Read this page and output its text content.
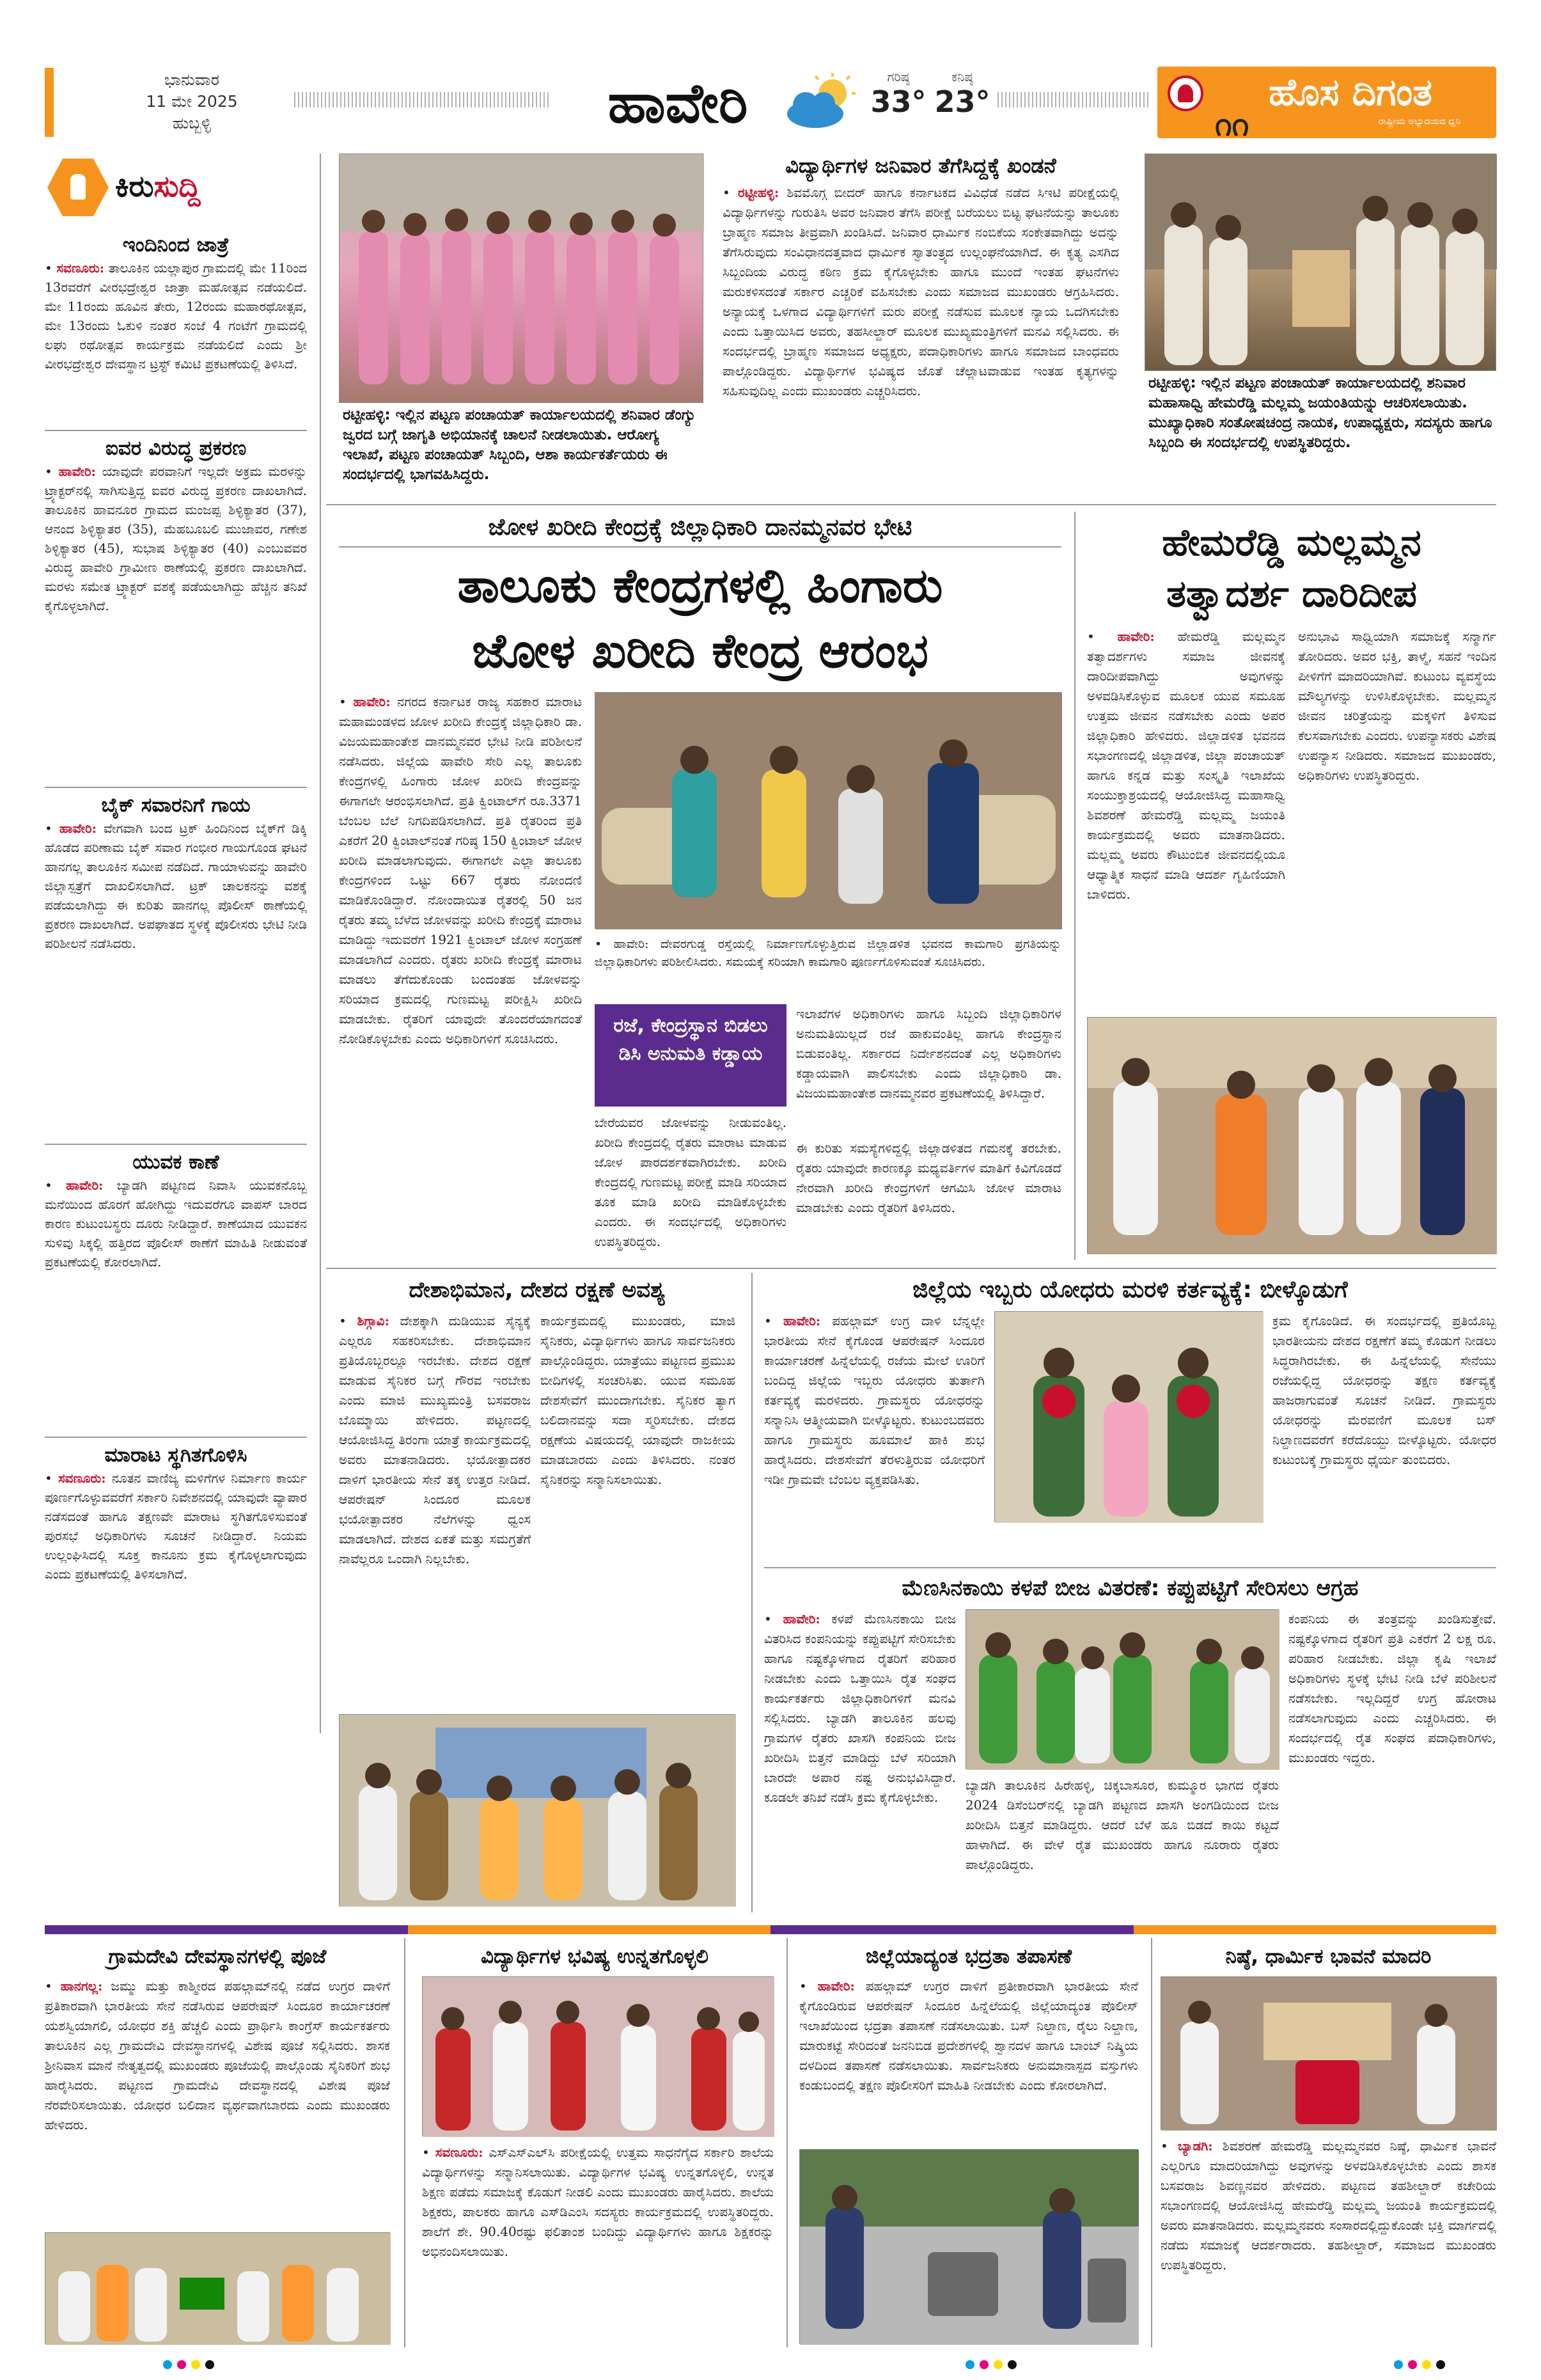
ಭಾನುವಾರ
11 ಮೇ 2025
ಹುಬ್ಬಳ್ಳಿ	ಹಾವೇರಿ	ಗರಿಷ್ಠ
33°
ಕನಿಷ್ಠ
23°	ಹೊಸ ದಿಗಂತ
ರಾಷ್ಟ್ರೀಯ ಅಭ್ಯುದಯದ ಧ್ವನಿ
౧౧
ಕಿರುಸುದ್ದಿ
ಇಂದಿನಿಂದ ಜಾತ್ರೆ
• ಸವಣೂರು: ತಾಲೂಕಿನ ಯಲ್ಲಾಪುರ ಗ್ರಾಮದಲ್ಲಿ ಮೇ 11ರಿಂದ 13ರವರೆಗೆ ವೀರಭದ್ರೇಶ್ವರ ಜಾತ್ರಾ ಮಹೋತ್ಸವ ನಡೆಯಲಿದೆ. ಮೇ 11ರಂದು ಹೂವಿನ ತೇರು, 12ರಂದು ಮಹಾರಥೋತ್ಸವ, ಮೇ 13ರಂದು ಓಕುಳಿ ನಂತರ ಸಂಜೆ 4 ಗಂಟೆಗೆ ಗ್ರಾಮದಲ್ಲಿ ಲಘು ರಥೋತ್ಸವ ಕಾರ್ಯಕ್ರಮ ನಡೆಯಲಿದೆ ಎಂದು ಶ್ರೀ ವೀರಭದ್ರೇಶ್ವರ ದೇವಸ್ಥಾನ ಟ್ರಸ್ಟ್ ಕಮಿಟಿ ಪ್ರಕಟಣೆಯಲ್ಲಿ ತಿಳಿಸಿದೆ.
ಐವರ ವಿರುದ್ಧ ಪ್ರಕರಣ
• ಹಾವೇರಿ: ಯಾವುದೇ ಪರವಾನಿಗೆ ಇಲ್ಲದೇ ಅಕ್ರಮ ಮರಳನ್ನು ಟ್ರ್ಯಾಕ್ಟರ್‌ನಲ್ಲಿ ಸಾಗಿಸುತ್ತಿದ್ದ ಐವರ ವಿರುದ್ಧ ಪ್ರಕರಣ ದಾಖಲಾಗಿದೆ. ತಾಲೂಕಿನ ಹಾವನೂರ ಗ್ರಾಮದ ಮಂಜಪ್ಪ ಶಿಳ್ಳಿಕ್ಯಾತರ (37), ಆನಂದ ಶಿಳ್ಳಿಕ್ಯಾತರ (35), ಮೆಹಬೂಬಲಿ ಮುಜಾವರ, ಗಣೇಶ ಶಿಳ್ಳಿಕ್ಯಾತರ (45), ಸುಭಾಷ ಶಿಳ್ಳಿಕ್ಯಾತರ (40) ಎಂಬುವವರ ವಿರುದ್ಧ ಹಾವೇರಿ ಗ್ರಾಮೀಣ ಠಾಣೆಯಲ್ಲಿ ಪ್ರಕರಣ ದಾಖಲಾಗಿದೆ. ಮರಳು ಸಮೇತ ಟ್ರ್ಯಾಕ್ಟರ್ ವಶಕ್ಕೆ ಪಡೆಯಲಾಗಿದ್ದು ಹೆಚ್ಚಿನ ತನಿಖೆ ಕೈಗೊಳ್ಳಲಾಗಿದೆ.
ಬೈಕ್ ಸವಾರನಿಗೆ ಗಾಯ
• ಹಾವೇರಿ: ವೇಗವಾಗಿ ಬಂದ ಟ್ರಕ್ ಹಿಂದಿನಿಂದ ಬೈಕ್‌ಗೆ ಡಿಕ್ಕಿ ಹೊಡೆದ ಪರಿಣಾಮ ಬೈಕ್ ಸವಾರ ಗಂಭೀರ ಗಾಯಗೊಂಡ ಘಟನೆ ಹಾನಗಲ್ಲ ತಾಲೂಕಿನ ಸಮೀಪ ನಡೆದಿದೆ. ಗಾಯಾಳುವನ್ನು ಹಾವೇರಿ ಜಿಲ್ಲಾಸ್ಪತ್ರೆಗೆ ದಾಖಲಿಸಲಾಗಿದೆ. ಟ್ರಕ್ ಚಾಲಕನನ್ನು ವಶಕ್ಕೆ ಪಡೆಯಲಾಗಿದ್ದು ಈ ಕುರಿತು ಹಾನಗಲ್ಲ ಪೊಲೀಸ್ ಠಾಣೆಯಲ್ಲಿ ಪ್ರಕರಣ ದಾಖಲಾಗಿದೆ. ಅಪಘಾತದ ಸ್ಥಳಕ್ಕೆ ಪೊಲೀಸರು ಭೇಟಿ ನೀಡಿ ಪರಿಶೀಲನೆ ನಡೆಸಿದರು.
ಯುವಕ ಕಾಣೆ
• ಹಾವೇರಿ: ಬ್ಯಾಡಗಿ ಪಟ್ಟಣದ ನಿವಾಸಿ ಯುವಕನೊಬ್ಬ ಮನೆಯಿಂದ ಹೊರಗೆ ಹೋಗಿದ್ದು ಇದುವರೆಗೂ ವಾಪಸ್ ಬಾರದ ಕಾರಣ ಕುಟುಂಬಸ್ಥರು ದೂರು ನೀಡಿದ್ದಾರೆ. ಕಾಣೆಯಾದ ಯುವಕನ ಸುಳಿವು ಸಿಕ್ಕಲ್ಲಿ ಹತ್ತಿರದ ಪೊಲೀಸ್ ಠಾಣೆಗೆ ಮಾಹಿತಿ ನೀಡುವಂತೆ ಪ್ರಕಟಣೆಯಲ್ಲಿ ಕೋರಲಾಗಿದೆ.
ಮಾರಾಟ ಸ್ಥಗಿತಗೊಳಿಸಿ
• ಸವಣೂರು: ನೂತನ ವಾಣಿಜ್ಯ ಮಳಿಗೆಗಳ ನಿರ್ಮಾಣ ಕಾರ್ಯ ಪೂರ್ಣಗೊಳ್ಳುವವರೆಗೆ ಸರ್ಕಾರಿ ನಿವೇಶನದಲ್ಲಿ ಯಾವುದೇ ವ್ಯಾಪಾರ ನಡೆಸದಂತೆ ಹಾಗೂ ತಕ್ಷಣವೇ ಮಾರಾಟ ಸ್ಥಗಿತಗೊಳಿಸುವಂತೆ ಪುರಸಭೆ ಅಧಿಕಾರಿಗಳು ಸೂಚನೆ ನೀಡಿದ್ದಾರೆ. ನಿಯಮ ಉಲ್ಲಂಘಿಸಿದಲ್ಲಿ ಸೂಕ್ತ ಕಾನೂನು ಕ್ರಮ ಕೈಗೊಳ್ಳಲಾಗುವುದು ಎಂದು ಪ್ರಕಟಣೆಯಲ್ಲಿ ತಿಳಿಸಲಾಗಿದೆ.
ರಟ್ಟೀಹಳ್ಳಿ: ಇಲ್ಲಿನ ಪಟ್ಟಣ ಪಂಚಾಯತ್ ಕಾರ್ಯಾಲಯದಲ್ಲಿ ಶನಿವಾರ ಡೆಂಗ್ಯು ಜ್ವರದ ಬಗ್ಗೆ ಜಾಗೃತಿ ಅಭಿಯಾನಕ್ಕೆ ಚಾಲನೆ ನೀಡಲಾಯಿತು. ಆರೋಗ್ಯ ಇಲಾಖೆ, ಪಟ್ಟಣ ಪಂಚಾಯತ್ ಸಿಬ್ಬಂದಿ, ಆಶಾ ಕಾರ್ಯಕರ್ತೆಯರು ಈ ಸಂದರ್ಭದಲ್ಲಿ ಭಾಗವಹಿಸಿದ್ದರು.
ವಿದ್ಯಾರ್ಥಿಗಳ ಜನಿವಾರ ತೆಗೆಸಿದ್ದಕ್ಕೆ ಖಂಡನೆ
• ರಟ್ಟೀಹಳ್ಳಿ: ಶಿವಮೊಗ್ಗ ಬೀದರ್ ಹಾಗೂ ಕರ್ನಾಟಕದ ವಿವಿಧೆಡೆ ನಡೆದ ಸಿಇಟಿ ಪರೀಕ್ಷೆಯಲ್ಲಿ ವಿದ್ಯಾರ್ಥಿಗಳನ್ನು ಗುರುತಿಸಿ ಅವರ ಜನಿವಾರ ತೆಗೆಸಿ ಪರೀಕ್ಷೆ ಬರೆಯಲು ಬಿಟ್ಟ ಘಟನೆಯನ್ನು ತಾಲೂಕು ಬ್ರಾಹ್ಮಣ ಸಮಾಜ ತೀವ್ರವಾಗಿ ಖಂಡಿಸಿದೆ. ಜನಿವಾರ ಧಾರ್ಮಿಕ ನಂಬಿಕೆಯ ಸಂಕೇತವಾಗಿದ್ದು ಅದನ್ನು ತೆಗೆಸಿರುವುದು ಸಂವಿಧಾನದತ್ತವಾದ ಧಾರ್ಮಿಕ ಸ್ವಾತಂತ್ರ್ಯದ ಉಲ್ಲಂಘನೆಯಾಗಿದೆ. ಈ ಕೃತ್ಯ ಎಸಗಿದ ಸಿಬ್ಬಂದಿಯ ವಿರುದ್ಧ ಕಠಿಣ ಕ್ರಮ ಕೈಗೊಳ್ಳಬೇಕು ಹಾಗೂ ಮುಂದೆ ಇಂತಹ ಘಟನೆಗಳು ಮರುಕಳಿಸದಂತೆ ಸರ್ಕಾರ ಎಚ್ಚರಿಕೆ ವಹಿಸಬೇಕು ಎಂದು ಸಮಾಜದ ಮುಖಂಡರು ಆಗ್ರಹಿಸಿದರು. ಅನ್ಯಾಯಕ್ಕೆ ಒಳಗಾದ ವಿದ್ಯಾರ್ಥಿಗಳಿಗೆ ಮರು ಪರೀಕ್ಷೆ ನಡೆಸುವ ಮೂಲಕ ನ್ಯಾಯ ಒದಗಿಸಬೇಕು ಎಂದು ಒತ್ತಾಯಿಸಿದ ಅವರು, ತಹಸೀಲ್ದಾರ್ ಮೂಲಕ ಮುಖ್ಯಮಂತ್ರಿಗಳಿಗೆ ಮನವಿ ಸಲ್ಲಿಸಿದರು. ಈ ಸಂದರ್ಭದಲ್ಲಿ ಬ್ರಾಹ್ಮಣ ಸಮಾಜದ ಅಧ್ಯಕ್ಷರು, ಪದಾಧಿಕಾರಿಗಳು ಹಾಗೂ ಸಮಾಜದ ಬಾಂಧವರು ಪಾಲ್ಗೊಂಡಿದ್ದರು. ವಿದ್ಯಾರ್ಥಿಗಳ ಭವಿಷ್ಯದ ಜೊತೆ ಚೆಲ್ಲಾಟವಾಡುವ ಇಂತಹ ಕೃತ್ಯಗಳನ್ನು ಸಹಿಸುವುದಿಲ್ಲ ಎಂದು ಮುಖಂಡರು ಎಚ್ಚರಿಸಿದರು.	ರಟ್ಟೀಹಳ್ಳಿ: ಇಲ್ಲಿನ ಪಟ್ಟಣ ಪಂಚಾಯತ್ ಕಾರ್ಯಾಲಯದಲ್ಲಿ ಶನಿವಾರ ಮಹಾಸಾಧ್ವಿ ಹೇಮರೆಡ್ಡಿ ಮಲ್ಲಮ್ಮ ಜಯಂತಿಯನ್ನು ಆಚರಿಸಲಾಯಿತು. ಮುಖ್ಯಾಧಿಕಾರಿ ಸಂತೋಷಚಂದ್ರ ನಾಯಕ, ಉಪಾಧ್ಯಕ್ಷರು, ಸದಸ್ಯರು ಹಾಗೂ ಸಿಬ್ಬಂದಿ ಈ ಸಂದರ್ಭದಲ್ಲಿ ಉಪಸ್ಥಿತರಿದ್ದರು.
ಜೋಳ ಖರೀದಿ ಕೇಂದ್ರಕ್ಕೆ ಜಿಲ್ಲಾಧಿಕಾರಿ ದಾನಮ್ಮನವರ ಭೇಟಿ
ತಾಲೂಕು ಕೇಂದ್ರಗಳಲ್ಲಿ ಹಿಂಗಾರು
ಜೋಳ ಖರೀದಿ ಕೇಂದ್ರ ಆರಂಭ
• ಹಾವೇರಿ: ನಗರದ ಕರ್ನಾಟಕ ರಾಜ್ಯ ಸಹಕಾರ ಮಾರಾಟ ಮಹಾಮಂಡಳದ ಜೋಳ ಖರೀದಿ ಕೇಂದ್ರಕ್ಕೆ ಜಿಲ್ಲಾಧಿಕಾರಿ ಡಾ. ವಿಜಯಮಹಾಂತೇಶ ದಾನಮ್ಮನವರ ಭೇಟಿ ನೀಡಿ ಪರಿಶೀಲನೆ ನಡೆಸಿದರು. ಜಿಲ್ಲೆಯ ಹಾವೇರಿ ಸೇರಿ ಎಲ್ಲ ತಾಲೂಕು ಕೇಂದ್ರಗಳಲ್ಲಿ ಹಿಂಗಾರು ಜೋಳ ಖರೀದಿ ಕೇಂದ್ರವನ್ನು ಈಗಾಗಲೇ ಆರಂಭಿಸಲಾಗಿದೆ. ಪ್ರತಿ ಕ್ವಿಂಟಾಲ್‌ಗೆ ರೂ.3371 ಬೆಂಬಲ ಬೆಲೆ ನಿಗದಿಪಡಿಸಲಾಗಿದೆ. ಪ್ರತಿ ರೈತರಿಂದ ಪ್ರತಿ ಎಕರೆಗೆ 20 ಕ್ವಿಂಟಾಲ್‌ನಂತೆ ಗರಿಷ್ಠ 150 ಕ್ವಿಂಟಾಲ್ ಜೋಳ ಖರೀದಿ ಮಾಡಲಾಗುವುದು. ಈಗಾಗಲೇ ಎಲ್ಲಾ ತಾಲೂಕು ಕೇಂದ್ರಗಳಿಂದ ಒಟ್ಟು 667 ರೈತರು ನೋಂದಣಿ ಮಾಡಿಕೊಂಡಿದ್ದಾರೆ. ನೋಂದಾಯಿತ ರೈತರಲ್ಲಿ 50 ಜನ ರೈತರು ತಮ್ಮ ಬೆಳೆದ ಜೋಳವನ್ನು ಖರೀದಿ ಕೇಂದ್ರಕ್ಕೆ ಮಾರಾಟ ಮಾಡಿದ್ದು ಇದುವರೆಗೆ 1921 ಕ್ವಿಂಟಾಲ್ ಜೋಳ ಸಂಗ್ರಹಣೆ ಮಾಡಲಾಗಿದೆ ಎಂದರು. ರೈತರು ಖರೀದಿ ಕೇಂದ್ರಕ್ಕೆ ಮಾರಾಟ ಮಾಡಲು ತೆಗೆದುಕೊಂಡು ಬಂದಂತಹ ಜೋಳವನ್ನು ಸರಿಯಾದ ಕ್ರಮದಲ್ಲಿ ಗುಣಮಟ್ಟ ಪರೀಕ್ಷಿಸಿ ಖರೀದಿ ಮಾಡಬೇಕು. ರೈತರಿಗೆ ಯಾವುದೇ ತೊಂದರೆಯಾಗದಂತೆ ನೋಡಿಕೊಳ್ಳಬೇಕು ಎಂದು ಅಧಿಕಾರಿಗಳಿಗೆ ಸೂಚಿಸಿದರು.
• ಹಾವೇರಿ: ದೇವರಗುಡ್ಡ ರಸ್ತೆಯಲ್ಲಿ ನಿರ್ಮಾಣಗೊಳ್ಳುತ್ತಿರುವ ಜಿಲ್ಲಾಡಳಿತ ಭವನದ ಕಾಮಗಾರಿ ಪ್ರಗತಿಯನ್ನು ಜಿಲ್ಲಾಧಿಕಾರಿಗಳು ಪರಿಶೀಲಿಸಿದರು. ಸಮಯಕ್ಕೆ ಸರಿಯಾಗಿ ಕಾಮಗಾರಿ ಪೂರ್ಣಗೊಳಿಸುವಂತೆ ಸೂಚಿಸಿದರು.
ರಜೆ, ಕೇಂದ್ರಸ್ಥಾನ ಬಿಡಲು ಡಿಸಿ ಅನುಮತಿ ಕಡ್ಡಾಯ
ಇಲಾಖೆಗಳ ಅಧಿಕಾರಿಗಳು ಹಾಗೂ ಸಿಬ್ಬಂದಿ ಜಿಲ್ಲಾಧಿಕಾರಿಗಳ ಅನುಮತಿಯಿಲ್ಲದೆ ರಜೆ ಹಾಕುವಂತಿಲ್ಲ ಹಾಗೂ ಕೇಂದ್ರಸ್ಥಾನ ಬಿಡುವಂತಿಲ್ಲ. ಸರ್ಕಾರದ ನಿರ್ದೇಶನದಂತೆ ಎಲ್ಲ ಅಧಿಕಾರಿಗಳು ಕಡ್ಡಾಯವಾಗಿ ಪಾಲಿಸಬೇಕು ಎಂದು ಜಿಲ್ಲಾಧಿಕಾರಿ ಡಾ. ವಿಜಯಮಹಾಂತೇಶ ದಾನಮ್ಮನವರ ಪ್ರಕಟಣೆಯಲ್ಲಿ ತಿಳಿಸಿದ್ದಾರೆ.
ಬೇರೆಯವರ ಜೋಳವನ್ನು ನೀಡುವಂತಿಲ್ಲ. ಖರೀದಿ ಕೇಂದ್ರದಲ್ಲಿ ರೈತರು ಮಾರಾಟ ಮಾಡುವ ಜೋಳ ಪಾರದರ್ಶಕವಾಗಿರಬೇಕು. ಖರೀದಿ ಕೇಂದ್ರದಲ್ಲಿ ಗುಣಮಟ್ಟ ಪರೀಕ್ಷೆ ಮಾಡಿ ಸರಿಯಾದ ತೂಕ ಮಾಡಿ ಖರೀದಿ ಮಾಡಿಕೊಳ್ಳಬೇಕು ಎಂದರು. ಈ ಸಂದರ್ಭದಲ್ಲಿ ಅಧಿಕಾರಿಗಳು ಉಪಸ್ಥಿತರಿದ್ದರು.
ಈ ಕುರಿತು ಸಮಸ್ಯೆಗಳಿದ್ದಲ್ಲಿ ಜಿಲ್ಲಾಡಳಿತದ ಗಮನಕ್ಕೆ ತರಬೇಕು. ರೈತರು ಯಾವುದೇ ಕಾರಣಕ್ಕೂ ಮಧ್ಯವರ್ತಿಗಳ ಮಾತಿಗೆ ಕಿವಿಗೊಡದೆ ನೇರವಾಗಿ ಖರೀದಿ ಕೇಂದ್ರಗಳಿಗೆ ಆಗಮಿಸಿ ಜೋಳ ಮಾರಾಟ ಮಾಡಬೇಕು ಎಂದು ರೈತರಿಗೆ ತಿಳಿಸಿದರು.
ಹೇಮರೆಡ್ಡಿ ಮಲ್ಲಮ್ಮನ
ತತ್ವಾದರ್ಶ ದಾರಿದೀಪ
• ಹಾವೇರಿ: ಹೇಮರೆಡ್ಡಿ ಮಲ್ಲಮ್ಮನ ತತ್ವಾದರ್ಶಗಳು ಸಮಾಜ ಜೀವನಕ್ಕೆ ದಾರಿದೀಪವಾಗಿದ್ದು ಅವುಗಳನ್ನು ಅಳವಡಿಸಿಕೊಳ್ಳುವ ಮೂಲಕ ಯುವ ಸಮೂಹ ಉತ್ತಮ ಜೀವನ ನಡೆಸಬೇಕು ಎಂದು ಅಪರ ಜಿಲ್ಲಾಧಿಕಾರಿ ಹೇಳಿದರು. ಜಿಲ್ಲಾಡಳಿತ ಭವನದ ಸಭಾಂಗಣದಲ್ಲಿ ಜಿಲ್ಲಾಡಳಿತ, ಜಿಲ್ಲಾ ಪಂಚಾಯತ್ ಹಾಗೂ ಕನ್ನಡ ಮತ್ತು ಸಂಸ್ಕೃತಿ ಇಲಾಖೆಯ ಸಂಯುಕ್ತಾಶ್ರಯದಲ್ಲಿ ಆಯೋಜಿಸಿದ್ದ ಮಹಾಸಾಧ್ವಿ ಶಿವಶರಣೆ ಹೇಮರೆಡ್ಡಿ ಮಲ್ಲಮ್ಮ ಜಯಂತಿ ಕಾರ್ಯಕ್ರಮದಲ್ಲಿ ಅವರು ಮಾತನಾಡಿದರು. ಮಲ್ಲಮ್ಮ ಅವರು ಕೌಟುಂಬಿಕ ಜೀವನದಲ್ಲಿಯೂ ಆಧ್ಯಾತ್ಮಿಕ ಸಾಧನೆ ಮಾಡಿ ಆದರ್ಶ ಗೃಹಿಣಿಯಾಗಿ ಬಾಳಿದರು.
ಅನುಭಾವಿ ಸಾಧ್ವಿಯಾಗಿ ಸಮಾಜಕ್ಕೆ ಸನ್ಮಾರ್ಗ ತೋರಿದರು. ಅವರ ಭಕ್ತಿ, ತಾಳ್ಮೆ, ಸಹನೆ ಇಂದಿನ ಪೀಳಿಗೆಗೆ ಮಾದರಿಯಾಗಿವೆ. ಕುಟುಂಬ ವ್ಯವಸ್ಥೆಯ ಮೌಲ್ಯಗಳನ್ನು ಉಳಿಸಿಕೊಳ್ಳಬೇಕು. ಮಲ್ಲಮ್ಮನ ಜೀವನ ಚರಿತ್ರೆಯನ್ನು ಮಕ್ಕಳಿಗೆ ತಿಳಿಸುವ ಕೆಲಸವಾಗಬೇಕು ಎಂದರು. ಉಪನ್ಯಾಸಕರು ವಿಶೇಷ ಉಪನ್ಯಾಸ ನೀಡಿದರು. ಸಮಾಜದ ಮುಖಂಡರು, ಅಧಿಕಾರಿಗಳು ಉಪಸ್ಥಿತರಿದ್ದರು.
ದೇಶಾಭಿಮಾನ, ದೇಶದ ರಕ್ಷಣೆ ಅವಶ್ಯ
• ಶಿಗ್ಗಾವಿ: ದೇಶಕ್ಕಾಗಿ ದುಡಿಯುವ ಸೈನ್ಯಕ್ಕೆ ಎಲ್ಲರೂ ಸಹಕರಿಸಬೇಕು. ದೇಶಾಭಿಮಾನ ಪ್ರತಿಯೊಬ್ಬರಲ್ಲೂ ಇರಬೇಕು. ದೇಶದ ರಕ್ಷಣೆ ಮಾಡುವ ಸೈನಿಕರ ಬಗ್ಗೆ ಗೌರವ ಇರಬೇಕು ಎಂದು ಮಾಜಿ ಮುಖ್ಯಮಂತ್ರಿ ಬಸವರಾಜ ಬೊಮ್ಮಾಯಿ ಹೇಳಿದರು. ಪಟ್ಟಣದಲ್ಲಿ ಆಯೋಜಿಸಿದ್ದ ತಿರಂಗಾ ಯಾತ್ರೆ ಕಾರ್ಯಕ್ರಮದಲ್ಲಿ ಅವರು ಮಾತನಾಡಿದರು. ಭಯೋತ್ಪಾದಕರ ದಾಳಿಗೆ ಭಾರತೀಯ ಸೇನೆ ತಕ್ಕ ಉತ್ತರ ನೀಡಿದೆ. ಆಪರೇಷನ್ ಸಿಂದೂರ ಮೂಲಕ ಭಯೋತ್ಪಾದಕರ ನೆಲೆಗಳನ್ನು ಧ್ವಂಸ ಮಾಡಲಾಗಿದೆ. ದೇಶದ ಏಕತೆ ಮತ್ತು ಸಮಗ್ರತೆಗೆ ನಾವೆಲ್ಲರೂ ಒಂದಾಗಿ ನಿಲ್ಲಬೇಕು.
ಕಾರ್ಯಕ್ರಮದಲ್ಲಿ ಮುಖಂಡರು, ಮಾಜಿ ಸೈನಿಕರು, ವಿದ್ಯಾರ್ಥಿಗಳು ಹಾಗೂ ಸಾರ್ವಜನಿಕರು ಪಾಲ್ಗೊಂಡಿದ್ದರು. ಯಾತ್ರೆಯು ಪಟ್ಟಣದ ಪ್ರಮುಖ ಬೀದಿಗಳಲ್ಲಿ ಸಂಚರಿಸಿತು. ಯುವ ಸಮೂಹ ದೇಶಸೇವೆಗೆ ಮುಂದಾಗಬೇಕು. ಸೈನಿಕರ ತ್ಯಾಗ ಬಲಿದಾನವನ್ನು ಸದಾ ಸ್ಮರಿಸಬೇಕು. ದೇಶದ ರಕ್ಷಣೆಯ ವಿಷಯದಲ್ಲಿ ಯಾವುದೇ ರಾಜಕೀಯ ಮಾಡಬಾರದು ಎಂದು ತಿಳಿಸಿದರು. ನಂತರ ಸೈನಿಕರನ್ನು ಸನ್ಮಾನಿಸಲಾಯಿತು.
ಜಿಲ್ಲೆಯ ಇಬ್ಬರು ಯೋಧರು ಮರಳಿ ಕರ್ತವ್ಯಕ್ಕೆ: ಬೀಳ್ಕೊಡುಗೆ
• ಹಾವೇರಿ: ಪಹಲ್ಗಾಮ್ ಉಗ್ರ ದಾಳಿ ಬೆನ್ನಲ್ಲೇ ಭಾರತೀಯ ಸೇನೆ ಕೈಗೊಂಡ ಆಪರೇಷನ್ ಸಿಂದೂರ ಕಾರ್ಯಾಚರಣೆ ಹಿನ್ನೆಲೆಯಲ್ಲಿ ರಜೆಯ ಮೇಲೆ ಊರಿಗೆ ಬಂದಿದ್ದ ಜಿಲ್ಲೆಯ ಇಬ್ಬರು ಯೋಧರು ತುರ್ತಾಗಿ ಕರ್ತವ್ಯಕ್ಕೆ ಮರಳಿದರು. ಗ್ರಾಮಸ್ಥರು ಯೋಧರನ್ನು ಸನ್ಮಾನಿಸಿ ಆತ್ಮೀಯವಾಗಿ ಬೀಳ್ಕೊಟ್ಟರು. ಕುಟುಂಬದವರು ಹಾಗೂ ಗ್ರಾಮಸ್ಥರು ಹೂಮಾಲೆ ಹಾಕಿ ಶುಭ ಹಾರೈಸಿದರು. ದೇಶಸೇವೆಗೆ ತೆರಳುತ್ತಿರುವ ಯೋಧರಿಗೆ ಇಡೀ ಗ್ರಾಮವೇ ಬೆಂಬಲ ವ್ಯಕ್ತಪಡಿಸಿತು.
ಕ್ರಮ ಕೈಗೊಂಡಿದೆ. ಈ ಸಂದರ್ಭದಲ್ಲಿ ಪ್ರತಿಯೊಬ್ಬ ಭಾರತೀಯನು ದೇಶದ ರಕ್ಷಣೆಗೆ ತಮ್ಮ ಕೊಡುಗೆ ನೀಡಲು ಸಿದ್ಧರಾಗಿರಬೇಕು. ಈ ಹಿನ್ನೆಲೆಯಲ್ಲಿ ಸೇನೆಯು ರಜೆಯಲ್ಲಿದ್ದ ಯೋಧರನ್ನು ತಕ್ಷಣ ಕರ್ತವ್ಯಕ್ಕೆ ಹಾಜರಾಗುವಂತೆ ಸೂಚನೆ ನೀಡಿದೆ. ಗ್ರಾಮಸ್ಥರು ಯೋಧರನ್ನು ಮೆರವಣಿಗೆ ಮೂಲಕ ಬಸ್ ನಿಲ್ದಾಣದವರೆಗೆ ಕರೆದೊಯ್ದು ಬೀಳ್ಕೊಟ್ಟರು. ಯೋಧರ ಕುಟುಂಬಕ್ಕೆ ಗ್ರಾಮಸ್ಥರು ಧೈರ್ಯ ತುಂಬಿದರು.
ಮೆಣಸಿನಕಾಯಿ ಕಳಪೆ ಬೀಜ ವಿತರಣೆ: ಕಪ್ಪುಪಟ್ಟಿಗೆ ಸೇರಿಸಲು ಆಗ್ರಹ
• ಹಾವೇರಿ: ಕಳಪೆ ಮೆಣಸಿನಕಾಯಿ ಬೀಜ ವಿತರಿಸಿದ ಕಂಪನಿಯನ್ನು ಕಪ್ಪುಪಟ್ಟಿಗೆ ಸೇರಿಸಬೇಕು ಹಾಗೂ ನಷ್ಟಕ್ಕೊಳಗಾದ ರೈತರಿಗೆ ಪರಿಹಾರ ನೀಡಬೇಕು ಎಂದು ಒತ್ತಾಯಿಸಿ ರೈತ ಸಂಘದ ಕಾರ್ಯಕರ್ತರು ಜಿಲ್ಲಾಧಿಕಾರಿಗಳಿಗೆ ಮನವಿ ಸಲ್ಲಿಸಿದರು. ಬ್ಯಾಡಗಿ ತಾಲೂಕಿನ ಹಲವು ಗ್ರಾಮಗಳ ರೈತರು ಖಾಸಗಿ ಕಂಪನಿಯ ಬೀಜ ಖರೀದಿಸಿ ಬಿತ್ತನೆ ಮಾಡಿದ್ದು ಬೆಳೆ ಸರಿಯಾಗಿ ಬಾರದೇ ಅಪಾರ ನಷ್ಟ ಅನುಭವಿಸಿದ್ದಾರೆ. ಕೂಡಲೇ ತನಿಖೆ ನಡೆಸಿ ಕ್ರಮ ಕೈಗೊಳ್ಳಬೇಕು.
ಬ್ಯಾಡಗಿ ತಾಲೂಕಿನ ಹಿರೇಹಳ್ಳಿ, ಚಿಕ್ಕಬಾಸೂರ, ಕುಮ್ಮೂರ ಭಾಗದ ರೈತರು 2024 ಡಿಸೆಂಬರ್‌ನಲ್ಲಿ ಬ್ಯಾಡಗಿ ಪಟ್ಟಣದ ಖಾಸಗಿ ಅಂಗಡಿಯಿಂದ ಬೀಜ ಖರೀದಿಸಿ ಬಿತ್ತನೆ ಮಾಡಿದ್ದರು. ಆದರೆ ಬೆಳೆ ಹೂ ಬಿಡದೆ ಕಾಯಿ ಕಟ್ಟದೆ ಹಾಳಾಗಿದೆ. ಈ ವೇಳೆ ರೈತ ಮುಖಂಡರು ಹಾಗೂ ನೂರಾರು ರೈತರು ಪಾಲ್ಗೊಂಡಿದ್ದರು.
ಕಂಪನಿಯ ಈ ತಂತ್ರವನ್ನು ಖಂಡಿಸುತ್ತೇವೆ. ನಷ್ಟಕ್ಕೊಳಗಾದ ರೈತರಿಗೆ ಪ್ರತಿ ಎಕರೆಗೆ 2 ಲಕ್ಷ ರೂ. ಪರಿಹಾರ ನೀಡಬೇಕು. ಜಿಲ್ಲಾ ಕೃಷಿ ಇಲಾಖೆ ಅಧಿಕಾರಿಗಳು ಸ್ಥಳಕ್ಕೆ ಭೇಟಿ ನೀಡಿ ಬೆಳೆ ಪರಿಶೀಲನೆ ನಡೆಸಬೇಕು. ಇಲ್ಲದಿದ್ದರೆ ಉಗ್ರ ಹೋರಾಟ ನಡೆಸಲಾಗುವುದು ಎಂದು ಎಚ್ಚರಿಸಿದರು. ಈ ಸಂದರ್ಭದಲ್ಲಿ ರೈತ ಸಂಘದ ಪದಾಧಿಕಾರಿಗಳು, ಮುಖಂಡರು ಇದ್ದರು.
ಗ್ರಾಮದೇವಿ ದೇವಸ್ಥಾನಗಳಲ್ಲಿ ಪೂಜೆ
• ಹಾನಗಲ್ಲ: ಜಮ್ಮು ಮತ್ತು ಕಾಶ್ಮೀರದ ಪಹಲ್ಗಾಮ್‌ನಲ್ಲಿ ನಡೆದ ಉಗ್ರರ ದಾಳಿಗೆ ಪ್ರತಿಕಾರವಾಗಿ ಭಾರತೀಯ ಸೇನೆ ನಡೆಸಿರುವ ಆಪರೇಷನ್ ಸಿಂದೂರ ಕಾರ್ಯಾಚರಣೆ ಯಶಸ್ವಿಯಾಗಲಿ, ಯೋಧರ ಶಕ್ತಿ ಹೆಚ್ಚಲಿ ಎಂದು ಪ್ರಾರ್ಥಿಸಿ ಕಾಂಗ್ರೆಸ್ ಕಾರ್ಯಕರ್ತರು ತಾಲೂಕಿನ ಎಲ್ಲ ಗ್ರಾಮದೇವಿ ದೇವಸ್ಥಾನಗಳಲ್ಲಿ ವಿಶೇಷ ಪೂಜೆ ಸಲ್ಲಿಸಿದರು. ಶಾಸಕ ಶ್ರೀನಿವಾಸ ಮಾನೆ ನೇತೃತ್ವದಲ್ಲಿ ಮುಖಂಡರು ಪೂಜೆಯಲ್ಲಿ ಪಾಲ್ಗೊಂಡು ಸೈನಿಕರಿಗೆ ಶುಭ ಹಾರೈಸಿದರು. ಪಟ್ಟಣದ ಗ್ರಾಮದೇವಿ ದೇವಸ್ಥಾನದಲ್ಲಿ ವಿಶೇಷ ಪೂಜೆ ನೆರವೇರಿಸಲಾಯಿತು. ಯೋಧರ ಬಲಿದಾನ ವ್ಯರ್ಥವಾಗಬಾರದು ಎಂದು ಮುಖಂಡರು ಹೇಳಿದರು.
ವಿದ್ಯಾರ್ಥಿಗಳ ಭವಿಷ್ಯ ಉನ್ನತಗೊಳ್ಳಲಿ
• ಸವಣೂರು: ಎಸ್ಎಸ್ಎಲ್‌ಸಿ ಪರೀಕ್ಷೆಯಲ್ಲಿ ಉತ್ತಮ ಸಾಧನೆಗೈದ ಸರ್ಕಾರಿ ಶಾಲೆಯ ವಿದ್ಯಾರ್ಥಿಗಳನ್ನು ಸನ್ಮಾನಿಸಲಾಯಿತು. ವಿದ್ಯಾರ್ಥಿಗಳ ಭವಿಷ್ಯ ಉನ್ನತಗೊಳ್ಳಲಿ, ಉನ್ನತ ಶಿಕ್ಷಣ ಪಡೆದು ಸಮಾಜಕ್ಕೆ ಕೊಡುಗೆ ನೀಡಲಿ ಎಂದು ಮುಖಂಡರು ಹಾರೈಸಿದರು. ಶಾಲೆಯ ಶಿಕ್ಷಕರು, ಪಾಲಕರು ಹಾಗೂ ಎಸ್‌ಡಿಎಂಸಿ ಸದಸ್ಯರು ಕಾರ್ಯಕ್ರಮದಲ್ಲಿ ಉಪಸ್ಥಿತರಿದ್ದರು. ಶಾಲೆಗೆ ಶೇ. 90.40ರಷ್ಟು ಫಲಿತಾಂಶ ಬಂದಿದ್ದು ವಿದ್ಯಾರ್ಥಿಗಳು ಹಾಗೂ ಶಿಕ್ಷಕರನ್ನು ಅಭಿನಂದಿಸಲಾಯಿತು.
ಜಿಲ್ಲೆಯಾದ್ಯಂತ ಭದ್ರತಾ ತಪಾಸಣೆ
• ಹಾವೇರಿ: ಪಹಲ್ಗಾಮ್ ಉಗ್ರರ ದಾಳಿಗೆ ಪ್ರತೀಕಾರವಾಗಿ ಭಾರತೀಯ ಸೇನೆ ಕೈಗೊಂಡಿರುವ ಆಪರೇಷನ್ ಸಿಂದೂರ ಹಿನ್ನೆಲೆಯಲ್ಲಿ ಜಿಲ್ಲೆಯಾದ್ಯಂತ ಪೊಲೀಸ್ ಇಲಾಖೆಯಿಂದ ಭದ್ರತಾ ತಪಾಸಣೆ ನಡೆಸಲಾಯಿತು. ಬಸ್ ನಿಲ್ದಾಣ, ರೈಲು ನಿಲ್ದಾಣ, ಮಾರುಕಟ್ಟೆ ಸೇರಿದಂತೆ ಜನನಿಬಿಡ ಪ್ರದೇಶಗಳಲ್ಲಿ ಶ್ವಾನದಳ ಹಾಗೂ ಬಾಂಬ್ ನಿಷ್ಕ್ರಿಯ ದಳದಿಂದ ತಪಾಸಣೆ ನಡೆಸಲಾಯಿತು. ಸಾರ್ವಜನಿಕರು ಅನುಮಾನಾಸ್ಪದ ವಸ್ತುಗಳು ಕಂಡುಬಂದಲ್ಲಿ ತಕ್ಷಣ ಪೊಲೀಸರಿಗೆ ಮಾಹಿತಿ ನೀಡಬೇಕು ಎಂದು ಕೋರಲಾಗಿದೆ.
ನಿಷ್ಠೆ, ಧಾರ್ಮಿಕ ಭಾವನೆ ಮಾದರಿ
• ಬ್ಯಾಡಗಿ: ಶಿವಶರಣೆ ಹೇಮರೆಡ್ಡಿ ಮಲ್ಲಮ್ಮನವರ ನಿಷ್ಠೆ, ಧಾರ್ಮಿಕ ಭಾವನೆ ಎಲ್ಲರಿಗೂ ಮಾದರಿಯಾಗಿದ್ದು ಅವುಗಳನ್ನು ಅಳವಡಿಸಿಕೊಳ್ಳಬೇಕು ಎಂದು ಶಾಸಕ ಬಸವರಾಜ ಶಿವಣ್ಣನವರ ಹೇಳಿದರು. ಪಟ್ಟಣದ ತಹಶೀಲ್ದಾರ್ ಕಚೇರಿಯ ಸಭಾಂಗಣದಲ್ಲಿ ಆಯೋಜಿಸಿದ್ದ ಹೇಮರೆಡ್ಡಿ ಮಲ್ಲಮ್ಮ ಜಯಂತಿ ಕಾರ್ಯಕ್ರಮದಲ್ಲಿ ಅವರು ಮಾತನಾಡಿದರು. ಮಲ್ಲಮ್ಮನವರು ಸಂಸಾರದಲ್ಲಿದ್ದುಕೊಂಡೇ ಭಕ್ತಿ ಮಾರ್ಗದಲ್ಲಿ ನಡೆದು ಸಮಾಜಕ್ಕೆ ಆದರ್ಶರಾದರು. ತಹಶೀಲ್ದಾರ್, ಸಮಾಜದ ಮುಖಂಡರು ಉಪಸ್ಥಿತರಿದ್ದರು.
